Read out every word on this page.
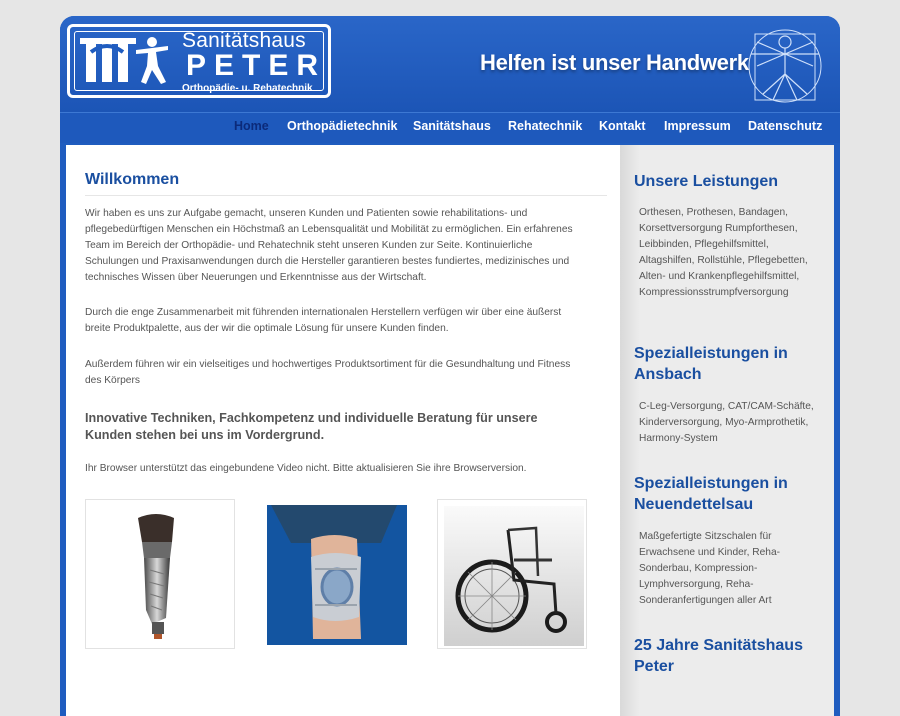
Sanitätshaus
PETER
Orthopädie- u. Rehatechnik
Helfen ist unser Handwerk
Home Orthopädietechnik Sanitätshaus Rehatechnik Kontakt Impressum Datenschutz
Willkommen

Wir haben es uns zur Aufgabe gemacht, unseren Kunden und Patienten sowie rehabilitations- und pflegebedürftigen Menschen ein Höchstmaß an Lebensqualität und Mobilität zu ermöglichen. Ein erfahrenes Team im Bereich der Orthopädie- und Rehatechnik steht unseren Kunden zur Seite. Kontinuierliche Schulungen und Praxisanwendungen durch die Hersteller garantieren bestes fundiertes, medizinisches und technisches Wissen über Neuerungen und Erkenntnisse aus der Wirtschaft.

Durch die enge Zusammenarbeit mit führenden internationalen Herstellern verfügen wir über eine äußerst breite Produktpalette, aus der wir die optimale Lösung für unsere Kunden finden.

Außerdem führen wir ein vielseitiges und hochwertiges Produktsortiment für die Gesundhaltung und Fitness des Körpers

Innovative Techniken, Fachkompetenz und individuelle Beratung für unsere Kunden stehen bei uns im Vordergrund.

Ihr Browser unterstützt das eingebundene Video nicht. Bitte aktualisieren Sie ihre Browserversion.

Unsere Leistungen

Orthesen, Prothesen, Bandagen, Korsettversorgung Rumpforthesen, Leibbinden, Pflegehilfsmittel, Altagshilfen, Rollstühle, Pflegebetten, Alten- und Krankenpflegehilfsmittel, Kompressionsstrumpfversorgung

Spezialleistungen in Ansbach

C-Leg-Versorgung, CAT/CAM-Schäfte, Kinderversorgung, Myo-Armprothetik, Harmony-System

Spezialleistungen in Neuendettelsau

Maßgefertigte Sitzschalen für Erwachsene und Kinder, Reha-Sonderbau, Kompression-Lymphversorgung, Reha-Sonderanfertigungen aller Art

25 Jahre Sanitätshaus Peter
